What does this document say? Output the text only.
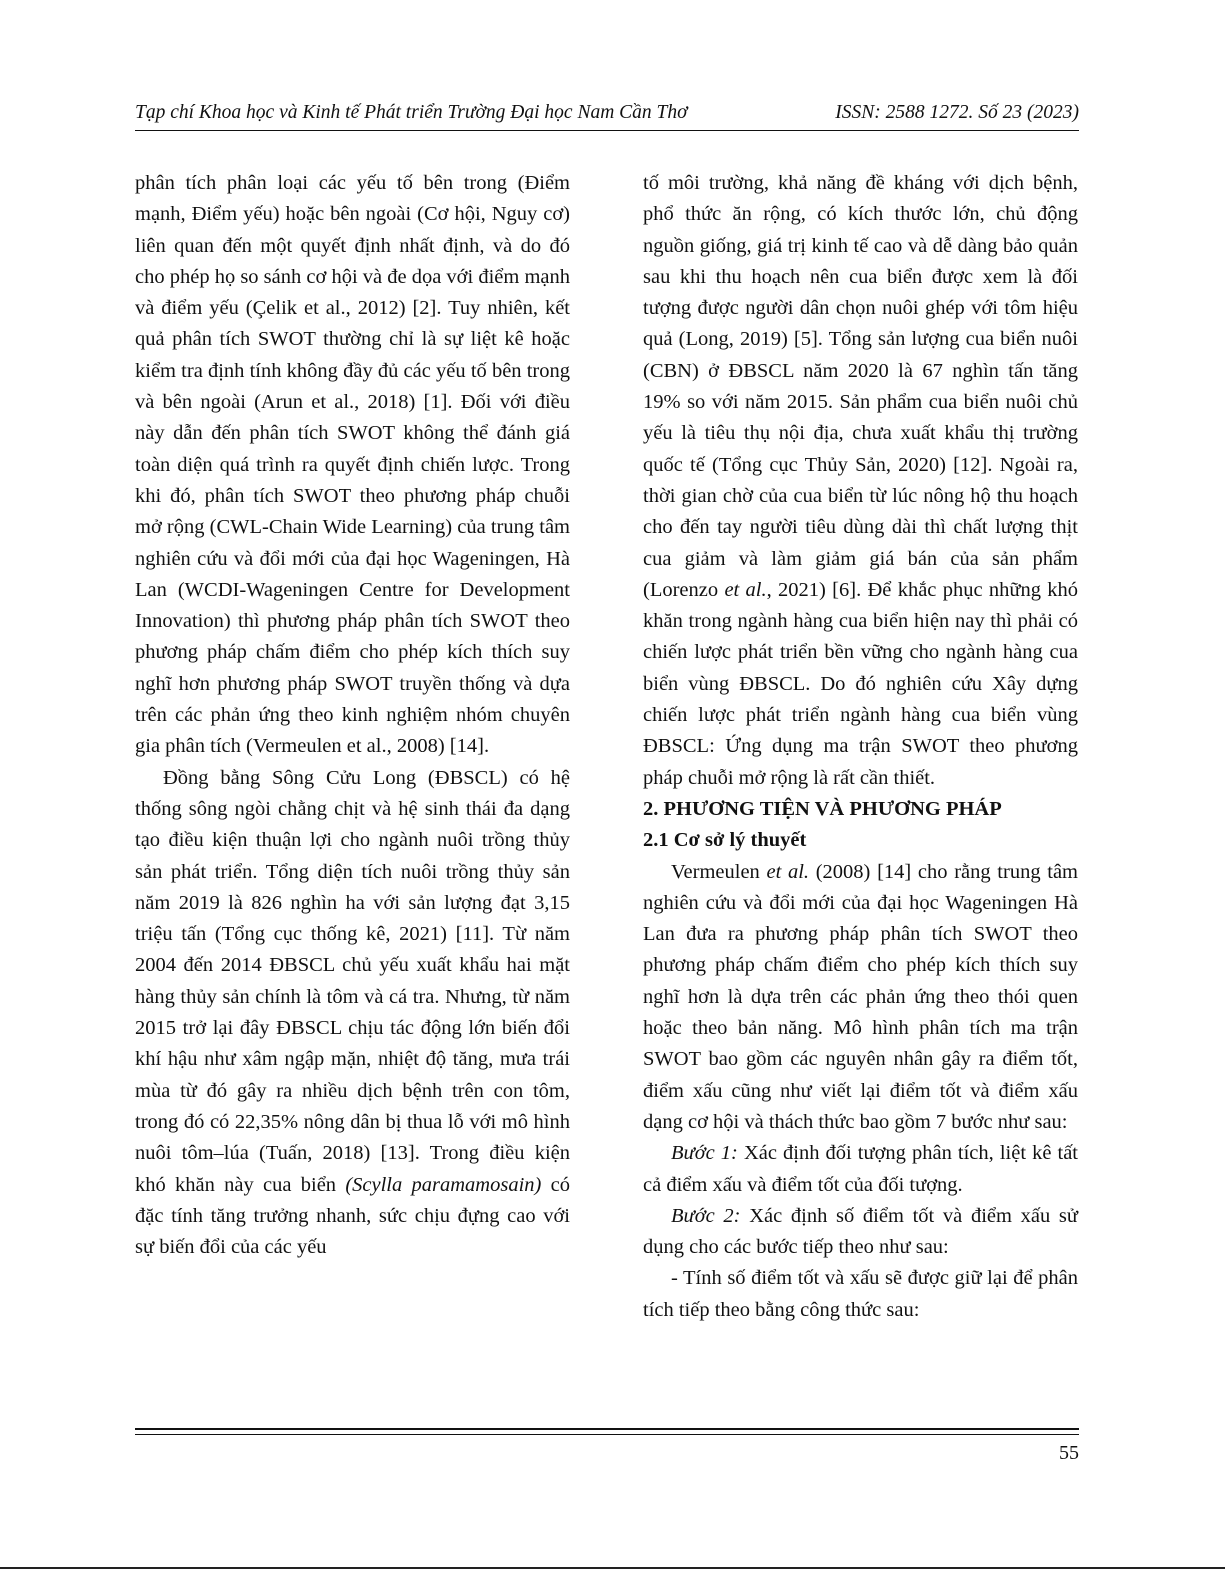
Tạp chí Khoa học và Kinh tế Phát triển Trường Đại học Nam Cần Thơ	ISSN: 2588 1272. Số 23 (2023)

phân tích phân loại các yếu tố bên trong (Điểm mạnh, Điểm yếu) hoặc bên ngoài (Cơ hội, Nguy cơ) liên quan đến một quyết định nhất định, và do đó cho phép họ so sánh cơ hội và đe dọa với điểm mạnh và điểm yếu (Çelik et al., 2012) [2]. Tuy nhiên, kết quả phân tích SWOT thường chỉ là sự liệt kê hoặc kiểm tra định tính không đầy đủ các yếu tố bên trong và bên ngoài (Arun et al., 2018) [1]. Đối với điều này dẫn đến phân tích SWOT không thể đánh giá toàn diện quá trình ra quyết định chiến lược. Trong khi đó, phân tích SWOT theo phương pháp chuỗi mở rộng (CWL-Chain Wide Learning) của trung tâm nghiên cứu và đổi mới của đại học Wageningen, Hà Lan (WCDI-Wageningen Centre for Development Innovation) thì phương pháp phân tích SWOT theo phương pháp chấm điểm cho phép kích thích suy nghĩ hơn phương pháp SWOT truyền thống và dựa trên các phản ứng theo kinh nghiệm nhóm chuyên gia phân tích (Vermeulen et al., 2008) [14].

Đồng bằng Sông Cửu Long (ĐBSCL) có hệ thống sông ngòi chằng chịt và hệ sinh thái đa dạng tạo điều kiện thuận lợi cho ngành nuôi trồng thủy sản phát triển. Tổng diện tích nuôi trồng thủy sản năm 2019 là 826 nghìn ha với sản lượng đạt 3,15 triệu tấn (Tổng cục thống kê, 2021) [11]. Từ năm 2004 đến 2014 ĐBSCL chủ yếu xuất khẩu hai mặt hàng thủy sản chính là tôm và cá tra. Nhưng, từ năm 2015 trở lại đây ĐBSCL chịu tác động lớn biến đổi khí hậu như xâm ngập mặn, nhiệt độ tăng, mưa trái mùa từ đó gây ra nhiều dịch bệnh trên con tôm, trong đó có 22,35% nông dân bị thua lỗ với mô hình nuôi tôm–lúa (Tuấn, 2018) [13]. Trong điều kiện khó khăn này cua biển (Scylla paramamosain) có đặc tính tăng trưởng nhanh, sức chịu đựng cao với sự biến đổi của các yếu

tố môi trường, khả năng đề kháng với dịch bệnh, phổ thức ăn rộng, có kích thước lớn, chủ động nguồn giống, giá trị kinh tế cao và dễ dàng bảo quản sau khi thu hoạch nên cua biển được xem là đối tượng được người dân chọn nuôi ghép với tôm hiệu quả (Long, 2019) [5]. Tổng sản lượng cua biển nuôi (CBN) ở ĐBSCL năm 2020 là 67 nghìn tấn tăng 19% so với năm 2015. Sản phẩm cua biển nuôi chủ yếu là tiêu thụ nội địa, chưa xuất khẩu thị trường quốc tế (Tổng cục Thủy Sản, 2020) [12]. Ngoài ra, thời gian chờ của cua biển từ lúc nông hộ thu hoạch cho đến tay người tiêu dùng dài thì chất lượng thịt cua giảm và làm giảm giá bán của sản phẩm (Lorenzo et al., 2021) [6]. Để khắc phục những khó khăn trong ngành hàng cua biển hiện nay thì phải có chiến lược phát triển bền vững cho ngành hàng cua biển vùng ĐBSCL. Do đó nghiên cứu Xây dựng chiến lược phát triển ngành hàng cua biển vùng ĐBSCL: Ứng dụng ma trận SWOT theo phương pháp chuỗi mở rộng là rất cần thiết.

2. PHƯƠNG TIỆN VÀ PHƯƠNG PHÁP
2.1 Cơ sở lý thuyết

Vermeulen et al. (2008) [14] cho rằng trung tâm nghiên cứu và đổi mới của đại học Wageningen Hà Lan đưa ra phương pháp phân tích SWOT theo phương pháp chấm điểm cho phép kích thích suy nghĩ hơn là dựa trên các phản ứng theo thói quen hoặc theo bản năng. Mô hình phân tích ma trận SWOT bao gồm các nguyên nhân gây ra điểm tốt, điểm xấu cũng như viết lại điểm tốt và điểm xấu dạng cơ hội và thách thức bao gồm 7 bước như sau:

Bước 1: Xác định đối tượng phân tích, liệt kê tất cả điểm xấu và điểm tốt của đối tượng.

Bước 2: Xác định số điểm tốt và điểm xấu sử dụng cho các bước tiếp theo như sau:

- Tính số điểm tốt và xấu sẽ được giữ lại để phân tích tiếp theo bằng công thức sau:

55
